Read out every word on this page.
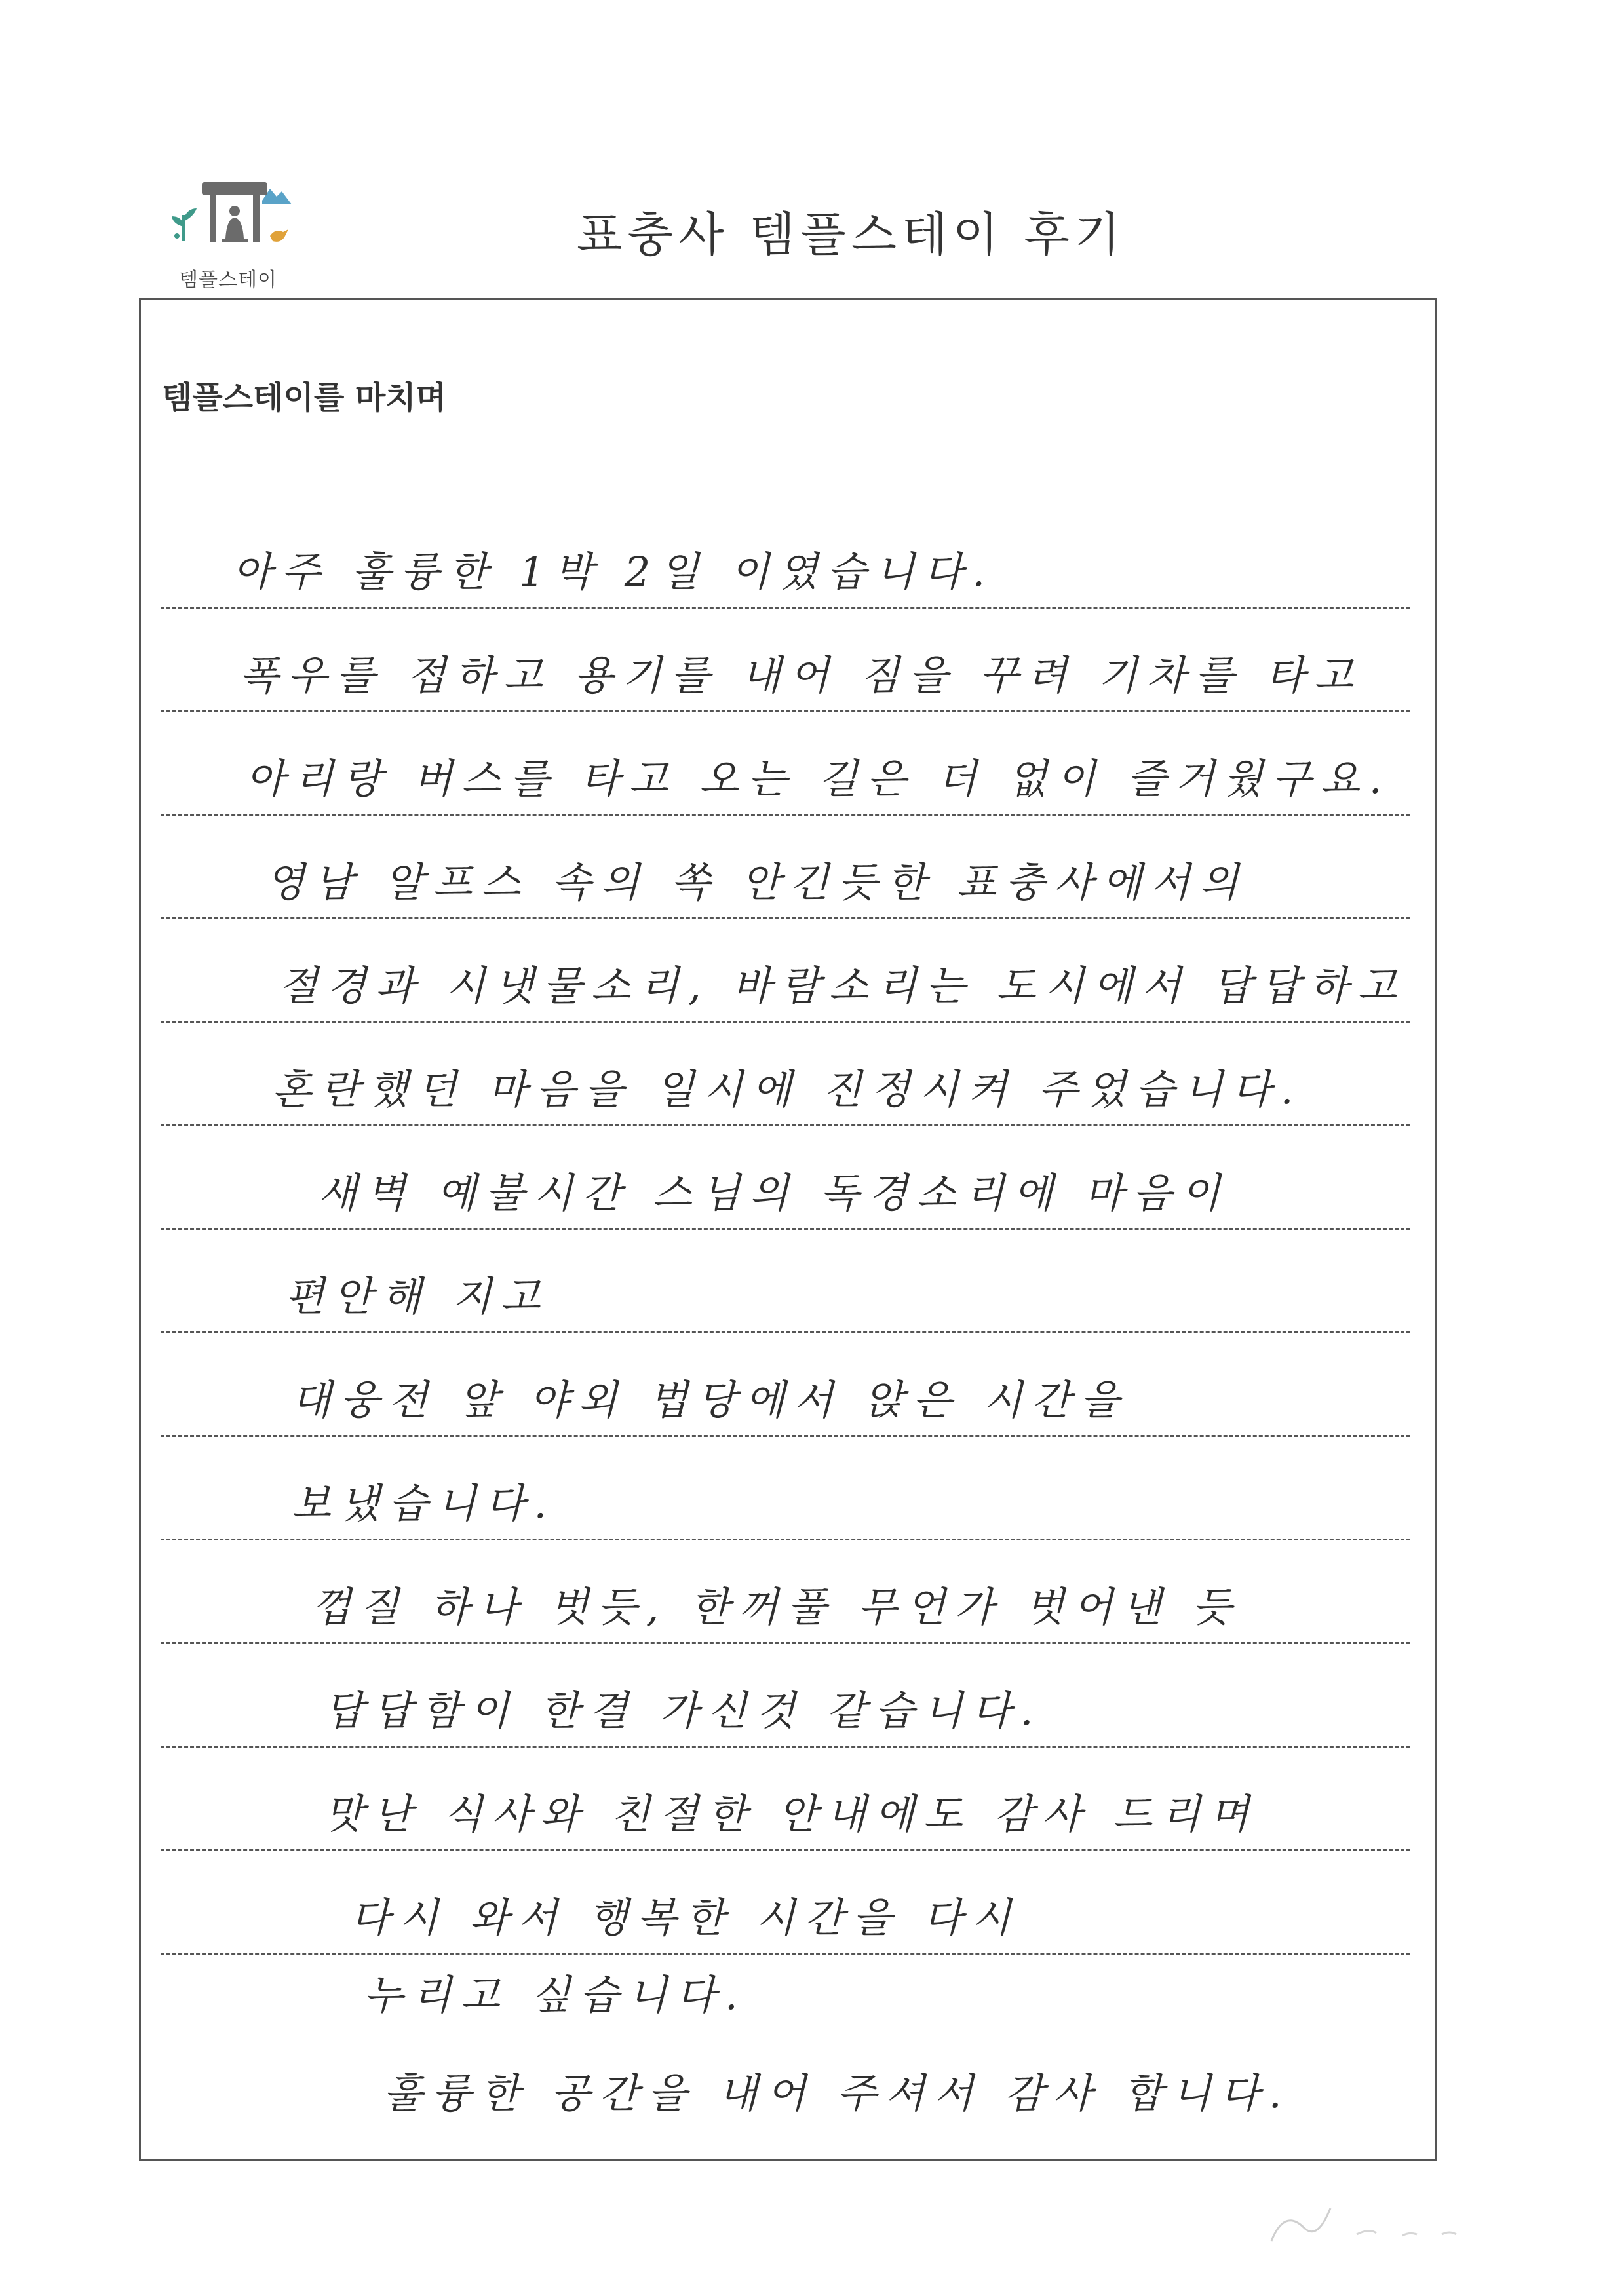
템플스테이
표충사 템플스테이 후기
템플스테이를 마치며
아주 훌륭한 1박 2일 이였습니다.
폭우를 접하고 용기를 내어 짐을 꾸려 기차를 타고
아리랑 버스를 타고 오는 길은 더 없이 즐거웠구요.
영남 알프스 속의 쏙 안긴듯한 표충사에서의
절경과 시냇물소리, 바람소리는 도시에서 답답하고
혼란했던 마음을 일시에 진정시켜 주었습니다.
새벽 예불시간 스님의 독경소리에 마음이
편안해 지고
대웅전 앞 야외 법당에서 앉은 시간을
보냈습니다.
껍질 하나 벗듯, 한꺼풀 무언가 벗어낸 듯
답답함이 한결 가신것 같습니다.
맛난 식사와 친절한 안내에도 감사 드리며
다시 와서 행복한 시간을 다시
누리고 싶습니다.
훌륭한 공간을 내어 주셔서 감사 합니다.
